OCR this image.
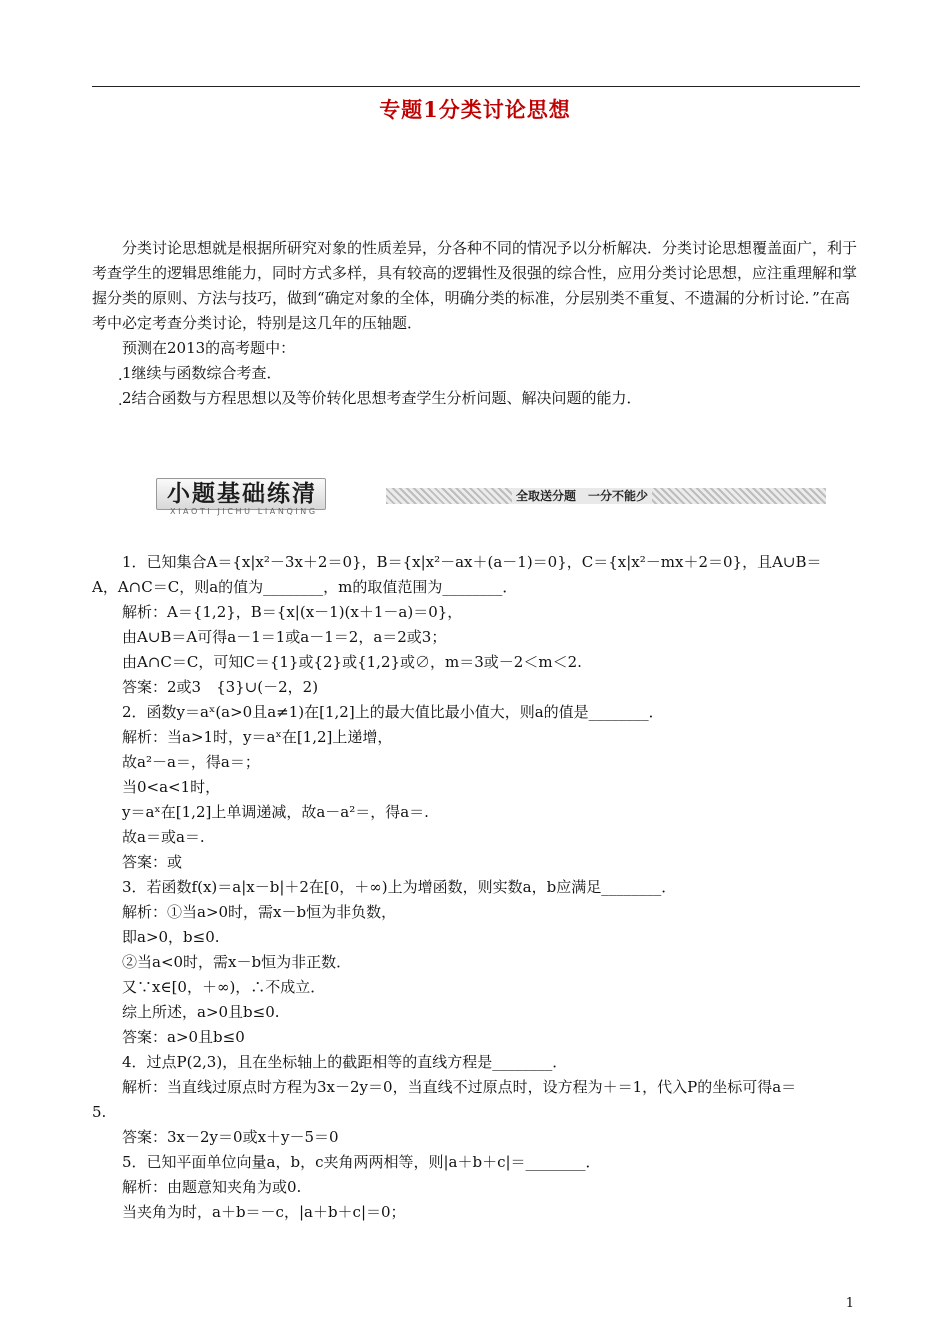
专题1分类讨论思想
分类讨论思想就是根据所研究对象的性质差异，分各种不同的情况予以分析解决．分类讨论思想覆盖面广，利于考查学生的逻辑思维能力，同时方式多样，具有较高的逻辑性及很强的综合性，应用分类讨论思想，应注重理解和掌握分类的原则、方法与技巧，做到“确定对象的全体，明确分类的标准，分层别类不重复、不遗漏的分析讨论．”在高考中必定考查分类讨论，特别是这几年的压轴题．
预测在2013的高考题中：
. 1继续与函数综合考查．
. 2结合函数与方程思想以及等价转化思想考查学生分析问题、解决问题的能力．
小题基础练清
XIAOTI JICHU LIANQING
全取送分题　一分不能少
1．已知集合A＝{x|x²－3x＋2＝0}，B＝{x|x²－ax＋(a－1)＝0}，C＝{x|x²－mx＋2＝0}，且A∪B＝
A，A∩C＝C，则a的值为________，m的取值范围为________．
解析：A＝{1,2}，B＝{x|(x－1)(x＋1－a)＝0}，
由A∪B＝A可得a－1＝1或a－1＝2，a＝2或3；
由A∩C＝C，可知C＝{1}或{2}或{1,2}或∅，m＝3或－2＜m＜2.
答案：2或3　{3}∪(－2，2)
2．函数y＝aˣ(a>0且a≠1)在[1,2]上的最大值比最小值大，则a的值是________．
解析：当a>1时，y＝aˣ在[1,2]上递增，
故a²－a＝，得a＝；
当0<a<1时，
y＝aˣ在[1,2]上单调递减，故a－a²＝，得a＝.
故a＝或a＝.
答案：或
3．若函数f(x)＝a|x－b|＋2在[0，＋∞)上为增函数，则实数a，b应满足________．
解析：①当a>0时，需x－b恒为非负数，
即a>0，b≤0.
②当a<0时，需x－b恒为非正数．
又∵x∈[0，＋∞)，∴不成立．
综上所述，a>0且b≤0.
答案：a>0且b≤0
4．过点P(2,3)，且在坐标轴上的截距相等的直线方程是________．
解析：当直线过原点时方程为3x－2y＝0，当直线不过原点时，设方程为＋＝1，代入P的坐标可得a＝
5.
答案：3x－2y＝0或x＋y－5＝0
5．已知平面单位向量a，b，c夹角两两相等，则|a＋b＋c|＝________．
解析：由题意知夹角为或0.
当夹角为时，a＋b＝－c，|a＋b＋c|＝0；
1
